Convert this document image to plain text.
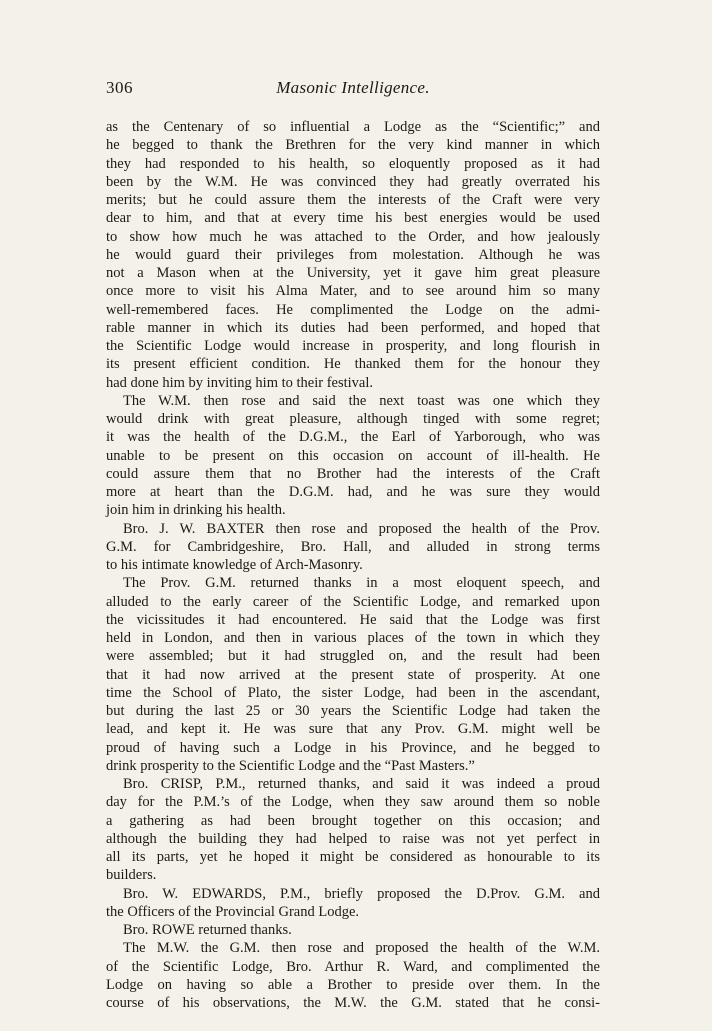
306	Masonic Intelligence.
as the Centenary of so influential a Lodge as the “Scientific;” and
he begged to thank the Brethren for the very kind manner in which
they had responded to his health, so eloquently proposed as it had
been by the W.M. He was convinced they had greatly overrated his
merits; but he could assure them the interests of the Craft were very
dear to him, and that at every time his best energies would be used
to show how much he was attached to the Order, and how jealously
he would guard their privileges from molestation. Although he was
not a Mason when at the University, yet it gave him great pleasure
once more to visit his Alma Mater, and to see around him so many
well-remembered faces. He complimented the Lodge on the admi-
rable manner in which its duties had been performed, and hoped that
the Scientific Lodge would increase in prosperity, and long flourish in
its present efficient condition. He thanked them for the honour they
had done him by inviting him to their festival.
The W.M. then rose and said the next toast was one which they
would drink with great pleasure, although tinged with some regret;
it was the health of the D.G.M., the Earl of Yarborough, who was
unable to be present on this occasion on account of ill-health. He
could assure them that no Brother had the interests of the Craft
more at heart than the D.G.M. had, and he was sure they would
join him in drinking his health.
Bro. J. W. BAXTER then rose and proposed the health of the Prov.
G.M. for Cambridgeshire, Bro. Hall, and alluded in strong terms
to his intimate knowledge of Arch-Masonry.
The Prov. G.M. returned thanks in a most eloquent speech, and
alluded to the early career of the Scientific Lodge, and remarked upon
the vicissitudes it had encountered. He said that the Lodge was first
held in London, and then in various places of the town in which they
were assembled; but it had struggled on, and the result had been
that it had now arrived at the present state of prosperity. At one
time the School of Plato, the sister Lodge, had been in the ascendant,
but during the last 25 or 30 years the Scientific Lodge had taken the
lead, and kept it. He was sure that any Prov. G.M. might well be
proud of having such a Lodge in his Province, and he begged to
drink prosperity to the Scientific Lodge and the “Past Masters.”
Bro. CRISP, P.M., returned thanks, and said it was indeed a proud
day for the P.M.’s of the Lodge, when they saw around them so noble
a gathering as had been brought together on this occasion; and
although the building they had helped to raise was not yet perfect in
all its parts, yet he hoped it might be considered as honourable to its
builders.
Bro. W. EDWARDS, P.M., briefly proposed the D.Prov. G.M. and
the Officers of the Provincial Grand Lodge.
Bro. ROWE returned thanks.
The M.W. the G.M. then rose and proposed the health of the W.M.
of the Scientific Lodge, Bro. Arthur R. Ward, and complimented the
Lodge on having so able a Brother to preside over them. In the
course of his observations, the M.W. the G.M. stated that he consi-
